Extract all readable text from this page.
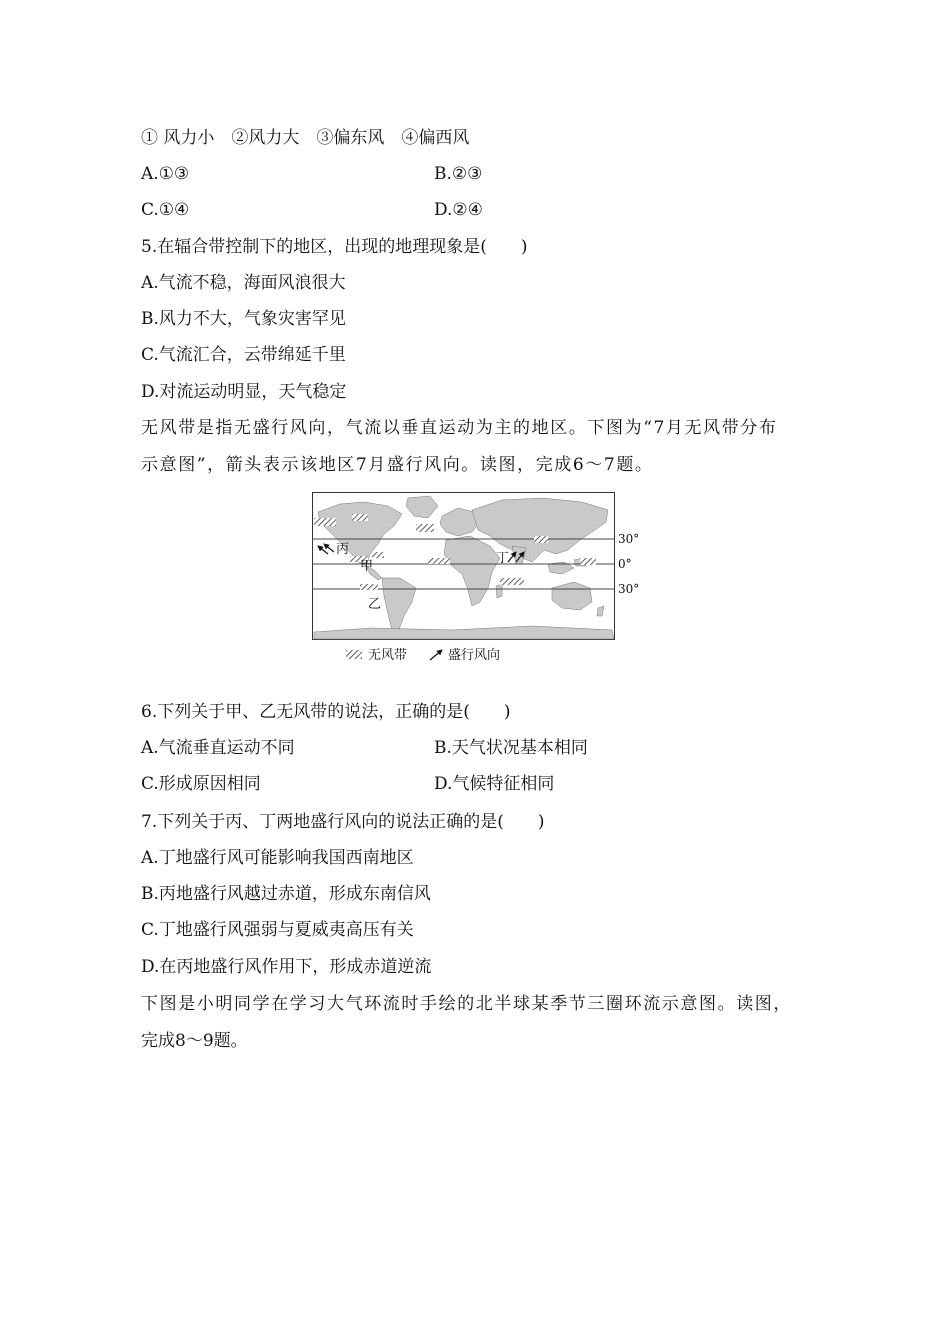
① 风力小　②风力大　③偏东风　④偏西风
A.①③	B.②③
C.①④	D.②④
5.在辐合带控制下的地区，出现的地理现象是(　　)
A.气流不稳，海面风浪很大
B.风力不大，气象灾害罕见
C.气流汇合，云带绵延千里
D.对流运动明显，天气稳定
无风带是指无盛行风向，气流以垂直运动为主的地区。下图为“7月无风带分布
示意图”，箭头表示该地区7月盛行风向。读图，完成6～7题。
丙
甲
乙
丁
30°
0°
30°
无风带	盛行风向
6.下列关于甲、乙无风带的说法，正确的是(　　)
A.气流垂直运动不同	B.天气状况基本相同
C.形成原因相同	D.气候特征相同
7.下列关于丙、丁两地盛行风向的说法正确的是(　　)
A.丁地盛行风可能影响我国西南地区
B.丙地盛行风越过赤道，形成东南信风
C.丁地盛行风强弱与夏威夷高压有关
D.在丙地盛行风作用下，形成赤道逆流
下图是小明同学在学习大气环流时手绘的北半球某季节三圈环流示意图。读图，
完成8～9题。
